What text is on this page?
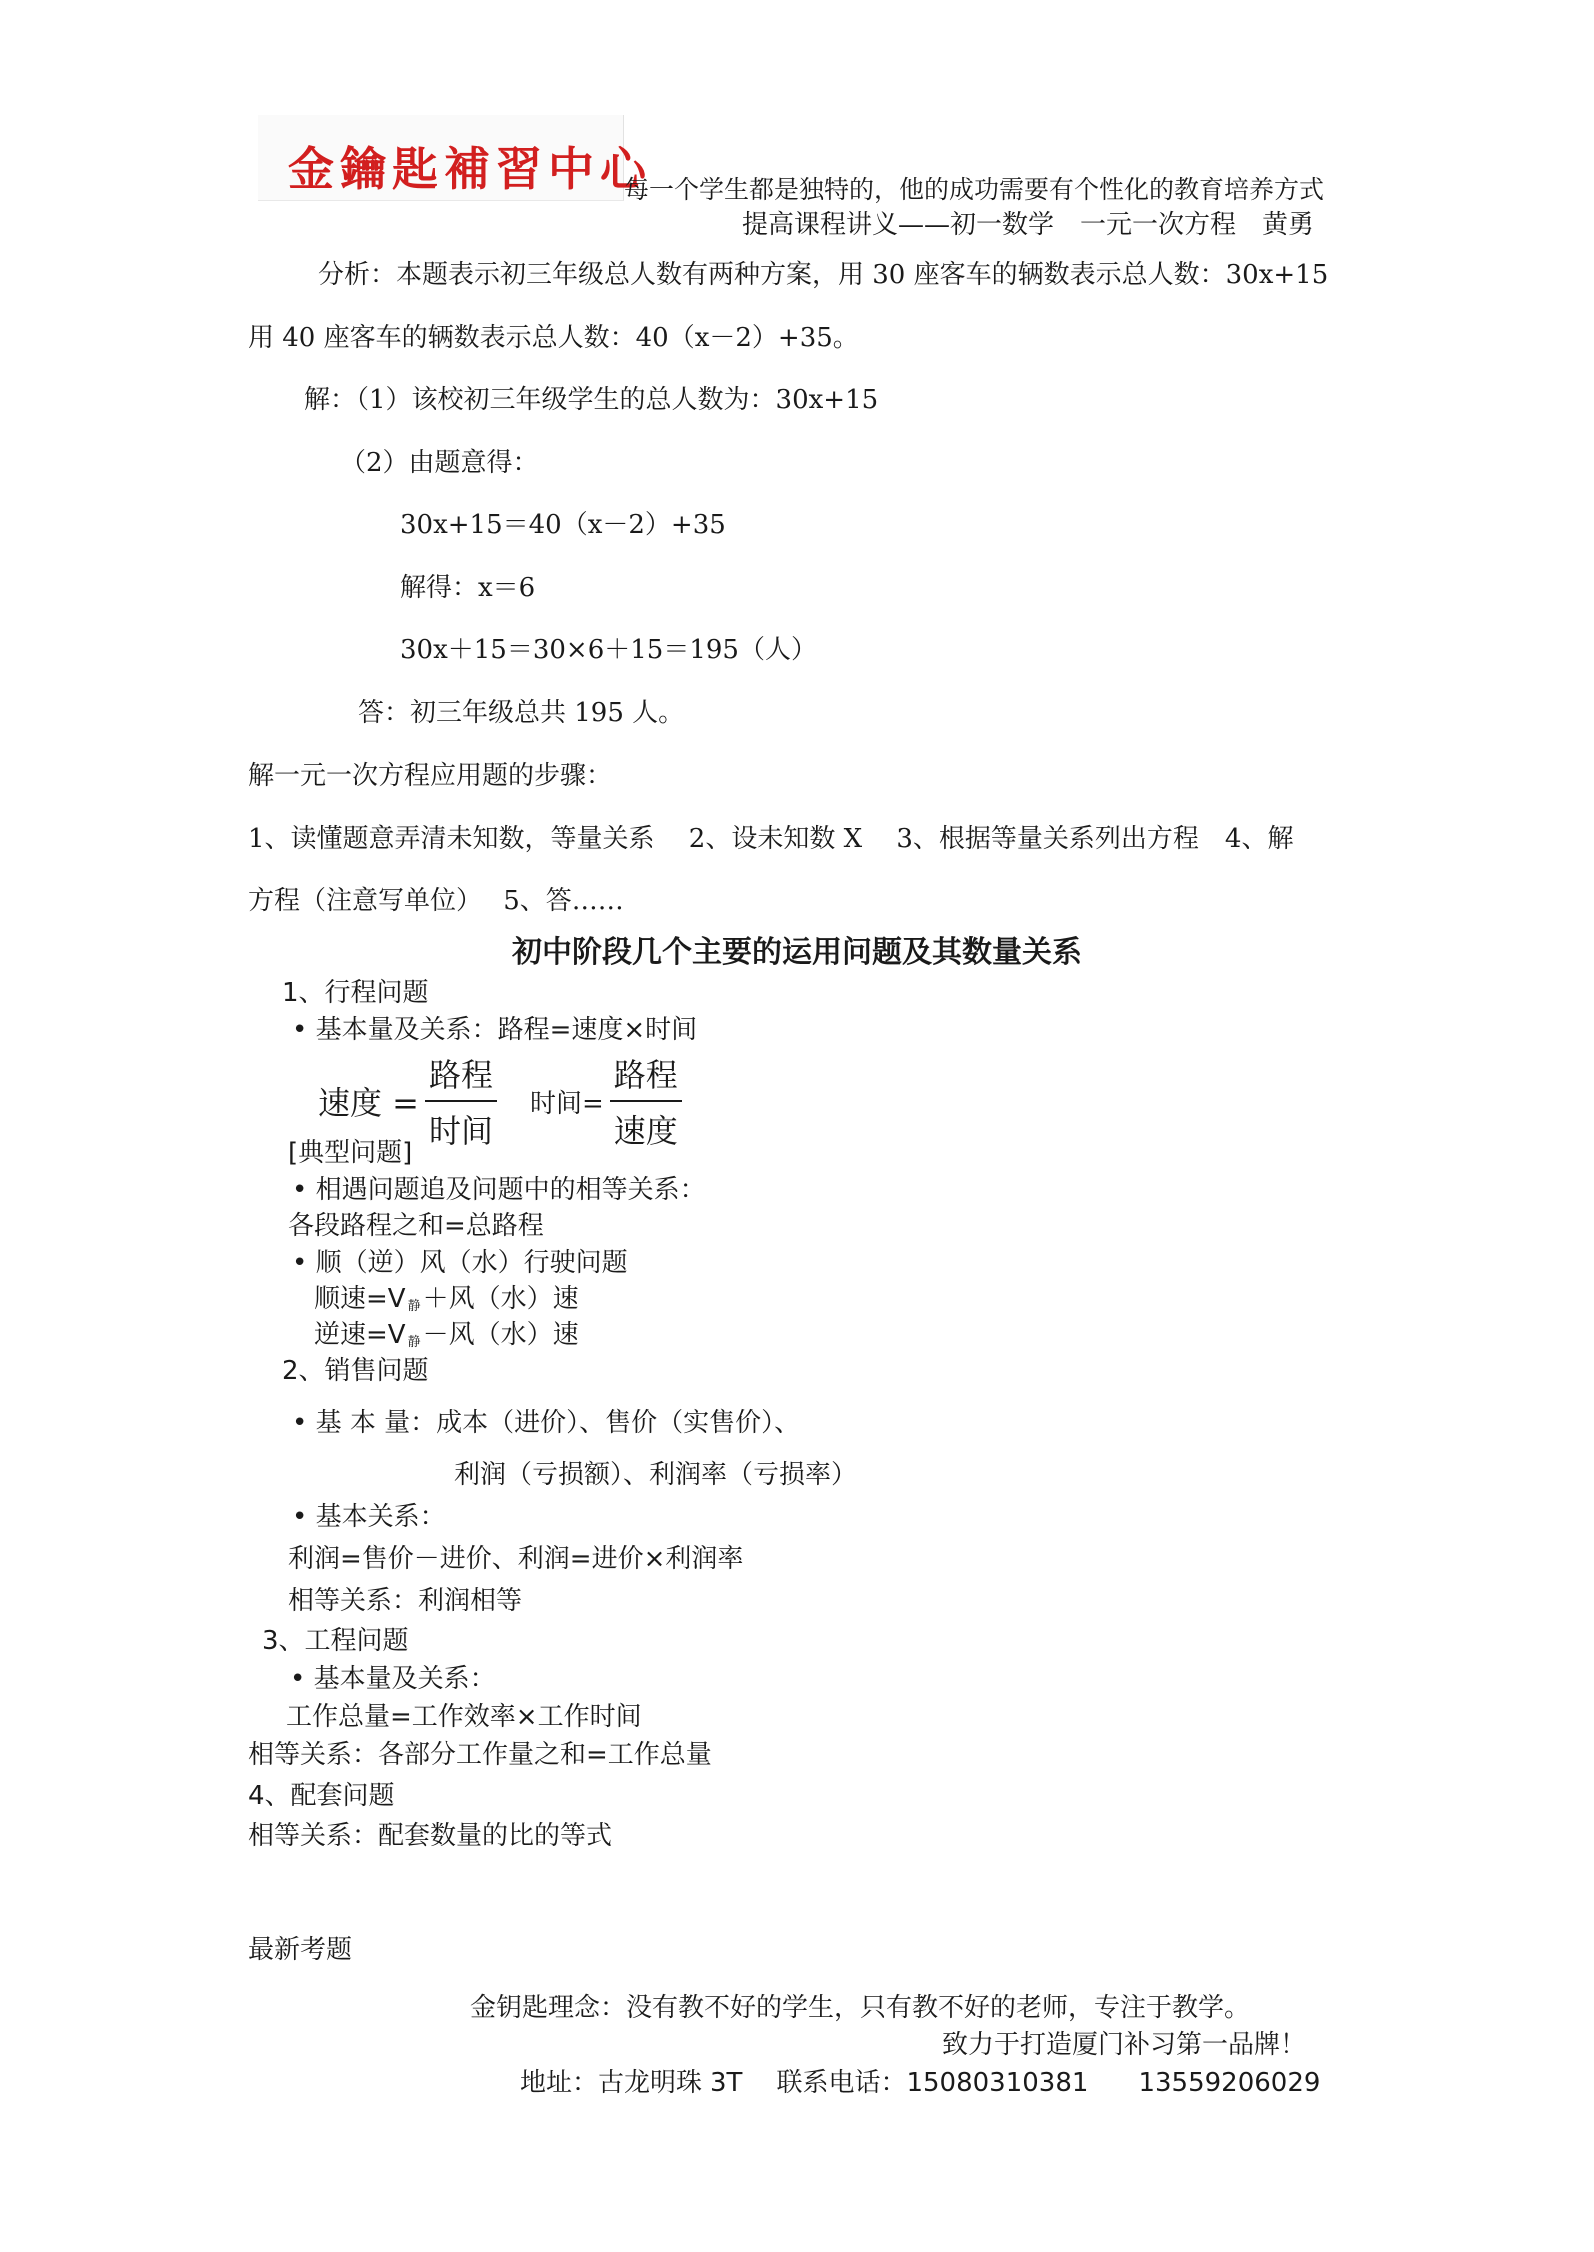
金鑰匙補習中心
每一个学生都是独特的，他的成功需要有个性化的教育培养方式
提高课程讲义——初一数学　一元一次方程　黄勇
分析：本题表示初三年级总人数有两种方案，用 30 座客车的辆数表示总人数：30x+15
用 40 座客车的辆数表示总人数：40（x－2）+35。
解：（1）该校初三年级学生的总人数为：30x+15
（2）由题意得：
30x+15＝40（x－2）+35
解得：x＝6
30x＋15＝30×6＋15＝195（人）
答：初三年级总共 195 人。
解一元一次方程应用题的步骤：
1、读懂题意弄清未知数，等量关系　 2、设未知数 X　 3、根据等量关系列出方程　4、解
方程（注意写单位）　 5、答……
初中阶段几个主要的运用问题及其数量关系
1、行程问题
• 基本量及关系：路程=速度×时间
速度 = $\frac{\text{路程}}{\text{时间}}$ 时间= $\frac{\text{路程}}{\text{速度}}$
[典型问题]
• 相遇问题追及问题中的相等关系：
各段路程之和=总路程
• 顺（逆）风（水）行驶问题
顺速=V $_静$＋风（水）速
逆速=V $_静$－风（水）速
2、销售问题
• 基 本 量：成本（进价）、售价（实售价）、
利润（亏损额）、利润率（亏损率）
• 基本关系：
利润=售价－进价、利润=进价×利润率
相等关系：利润相等
3、工程问题
• 基本量及关系：
工作总量=工作效率×工作时间
相等关系：各部分工作量之和=工作总量
4、配套问题
相等关系：配套数量的比的等式
最新考题
金钥匙理念：没有教不好的学生，只有教不好的老师，专注于教学。
致力于打造厦门补习第一品牌！
地址：古龙明珠 3T 联系电话：15080310381 13559206029
